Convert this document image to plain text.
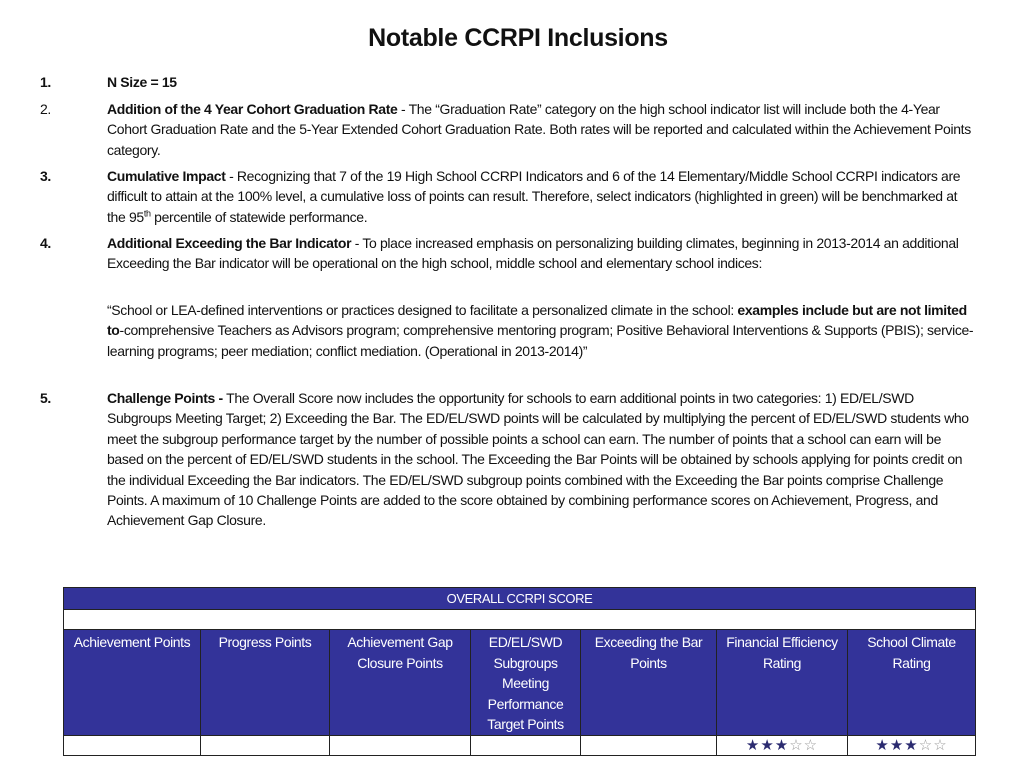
Notable CCRPI Inclusions
1.	N Size = 15
2.	Addition of the 4 Year Cohort Graduation Rate - The “Graduation Rate” category on the high school indicator list will include both the 4-Year Cohort Graduation Rate and the 5-Year Extended Cohort Graduation Rate. Both rates will be reported and calculated within the Achievement Points category.
3.	Cumulative Impact - Recognizing that 7 of the 19 High School CCRPI Indicators and 6 of the 14 Elementary/Middle School CCRPI indicators are difficult to attain at the 100% level, a cumulative loss of points can result. Therefore, select indicators (highlighted in green) will be benchmarked at the 95th percentile of statewide performance.
4.	Additional Exceeding the Bar Indicator - To place increased emphasis on personalizing building climates, beginning in 2013-2014 an additional Exceeding the Bar indicator will be operational on the high school, middle school and elementary school indices:
“School or LEA-defined interventions or practices designed to facilitate a personalized climate in the school: examples include but are not limited to-comprehensive Teachers as Advisors program; comprehensive mentoring program; Positive Behavioral Interventions & Supports (PBIS); service-learning programs; peer mediation; conflict mediation. (Operational in 2013-2014)”
5.	Challenge Points - The Overall Score now includes the opportunity for schools to earn additional points in two categories: 1) ED/EL/SWD Subgroups Meeting Target; 2) Exceeding the Bar. The ED/EL/SWD points will be calculated by multiplying the percent of ED/EL/SWD students who meet the subgroup performance target by the number of possible points a school can earn. The number of points that a school can earn will be based on the percent of ED/EL/SWD students in the school. The Exceeding the Bar Points will be obtained by schools applying for points credit on the individual Exceeding the Bar indicators. The ED/EL/SWD subgroup points combined with the Exceeding the Bar points comprise Challenge Points. A maximum of 10 Challenge Points are added to the score obtained by combining performance scores on Achievement, Progress, and Achievement Gap Closure.
OVERALL CCRPI SCORE						

Achievement Points	Progress Points	Achievement Gap Closure Points	ED/EL/SWD Subgroups Meeting Performance Target Points	Exceeding the Bar Points	Financial Efficiency Rating	School Climate Rating
					★★★☆☆	★★★☆☆
